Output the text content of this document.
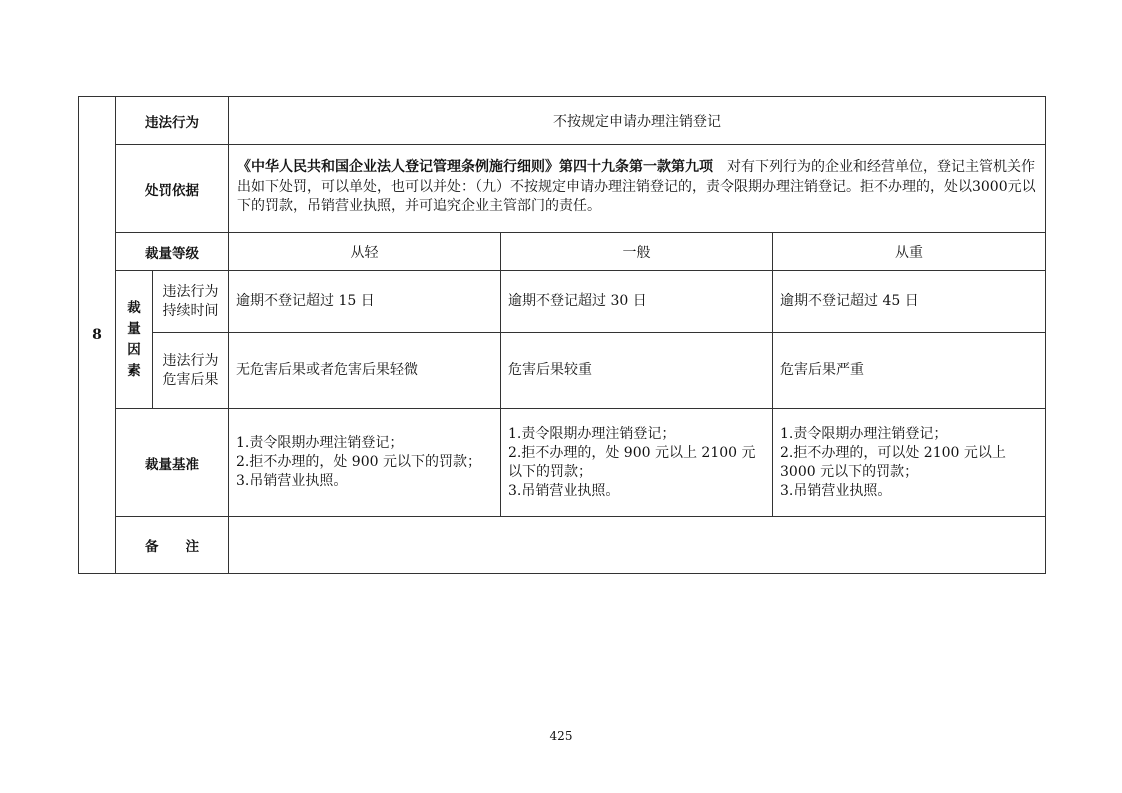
8	违法行为		不按规定申请办理注销登记		
	处罚依据		《中华人民共和国企业法人登记管理条例施行细则》第四十九条第一款第九项　对有下列行为的企业和经营单位，登记主管机关作出如下处罚，可以单处，也可以并处：（九）不按规定申请办理注销登记的，责令限期办理注销登记。拒不办理的，处以3000元以下的罚款，吊销营业执照，并可追究企业主管部门的责任。		
	裁量等级		从轻	一般	从重
	裁量因素	违法行为持续时间	逾期不登记超过 15 日	逾期不登记超过 30 日	逾期不登记超过 45 日
		违法行为危害后果	无危害后果或者危害后果轻微	危害后果较重	危害后果严重
	裁量基准		1.责令限期办理注销登记；
2.拒不办理的，处 900 元以下的罚款；
3.吊销营业执照。	1.责令限期办理注销登记；
2.拒不办理的，处 900 元以上 2100 元以下的罚款；
3.吊销营业执照。	1.责令限期办理注销登记；
2.拒不办理的，可以处 2100 元以上 3000 元以下的罚款；
3.吊销营业执照。

	备　　注				
425
